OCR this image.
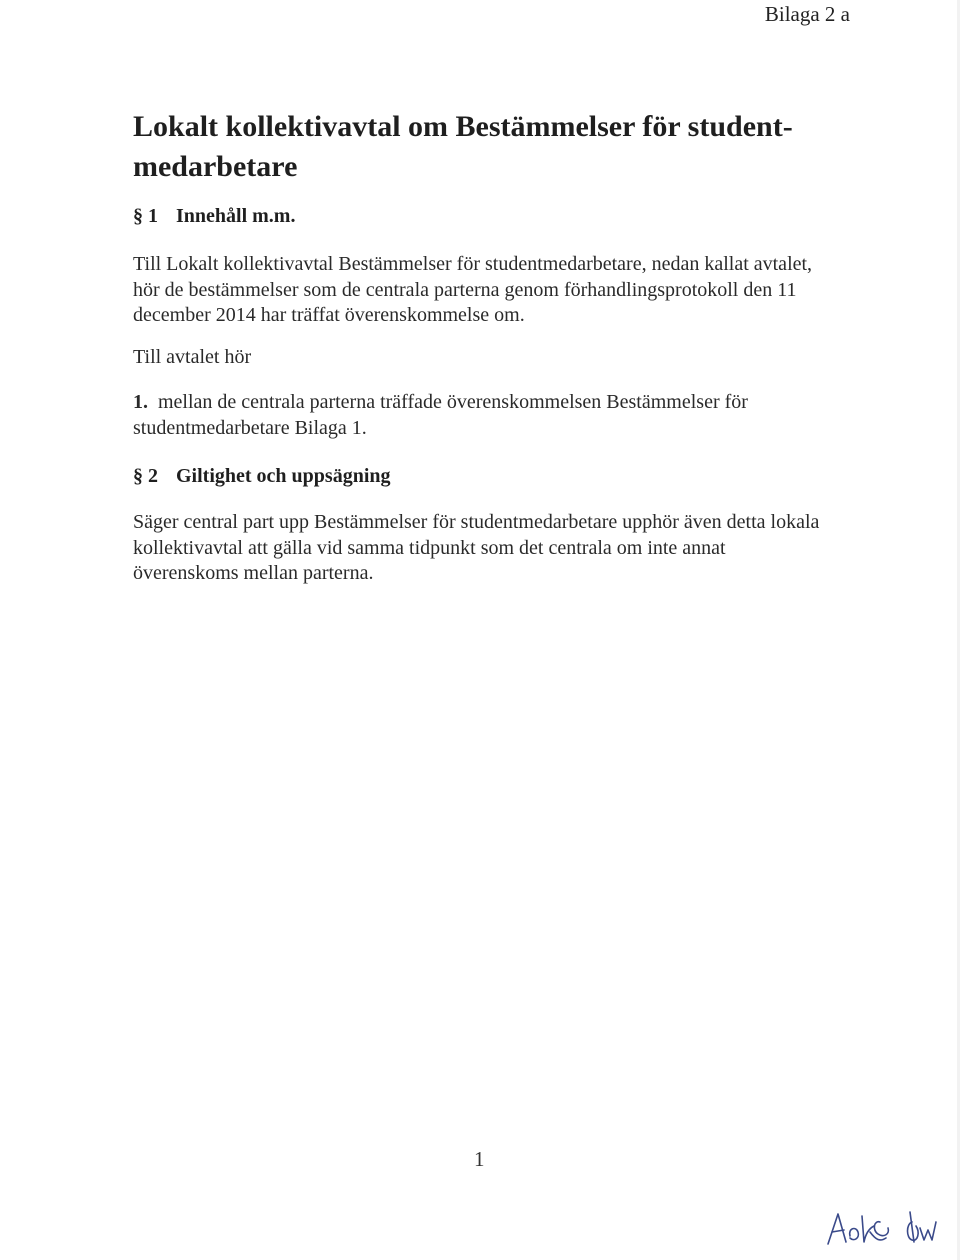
Bilaga 2 a
Lokalt kollektivavtal om Bestämmelser för student-
medarbetare
§ 1 Innehåll m.m.

Till Lokalt kollektivavtal Bestämmelser för studentmedarbetare, nedan kallat avtalet, hör de bestämmelser som de centrala parterna genom förhandlingsprotokoll den 11 december 2014 har träffat överenskommelse om.

Till avtalet hör

1. mellan de centrala parterna träffade överenskommelsen Bestämmelser för studentmedarbetare Bilaga 1.

§ 2 Giltighet och uppsägning

Säger central part upp Bestämmelser för studentmedarbetare upphör även detta lokala kollektivavtal att gälla vid samma tidpunkt som det centrala om inte annat överenskoms mellan parterna.

1
